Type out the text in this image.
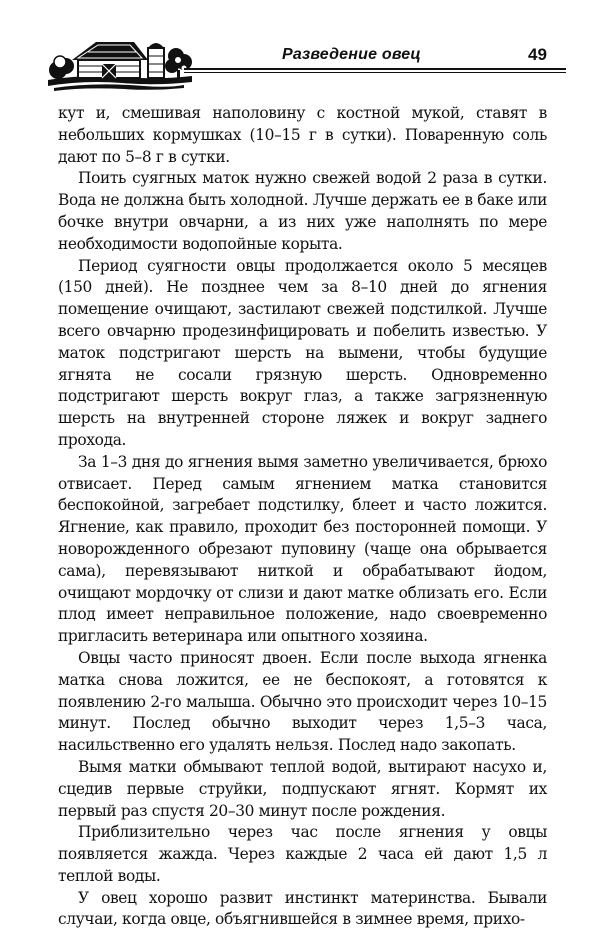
Разведение овец	49

кут и, смешивая наполовину с костной мукой, ставят в небольших кормушках (10–15 г в сутки). Поваренную соль дают по 5–8 г в сутки.

Поить суягных маток нужно свежей водой 2 раза в сутки. Вода не должна быть холодной. Лучше держать ее в баке или бочке внутри овчарни, а из них уже наполнять по мере необходимости водопойные корыта.

Период суягности овцы продолжается около 5 месяцев (150 дней). Не позднее чем за 8–10 дней до ягнения помещение очищают, застилают свежей подстилкой. Лучше всего овчарню продезинфицировать и побелить известью. У маток подстригают шерсть на вымени, чтобы будущие ягнята не сосали грязную шерсть. Одновременно подстригают шерсть вокруг глаз, а также загрязненную шерсть на внутренней стороне ляжек и вокруг заднего прохода.

За 1–3 дня до ягнения вымя заметно увеличивается, брюхо отвисает. Перед самым ягнением матка становится беспокойной, загребает подстилку, блеет и часто ложится. Ягнение, как правило, проходит без посторонней помощи. У новорожденного обрезают пуповину (чаще она обрывается сама), перевязывают ниткой и обрабатывают йодом, очищают мордочку от слизи и дают матке облизать его. Если плод имеет неправильное положение, надо своевременно пригласить ветеринара или опытного хозяина.

Овцы часто приносят двоен. Если после выхода ягненка матка снова ложится, ее не беспокоят, а готовятся к появлению 2-го малыша. Обычно это происходит через 10–15 минут. Послед обычно выходит через 1,5–3 часа, насильственно его удалять нельзя. Послед надо закопать.

Вымя матки обмывают теплой водой, вытирают насухо и, сцедив первые струйки, подпускают ягнят. Кормят их первый раз спустя 20–30 минут после рождения.

Приблизительно через час после ягнения у овцы появляется жажда. Через каждые 2 часа ей дают 1,5 л теплой воды.

У овец хорошо развит инстинкт материнства. Бывали случаи, когда овце, объягнившейся в зимнее время, прихо-
